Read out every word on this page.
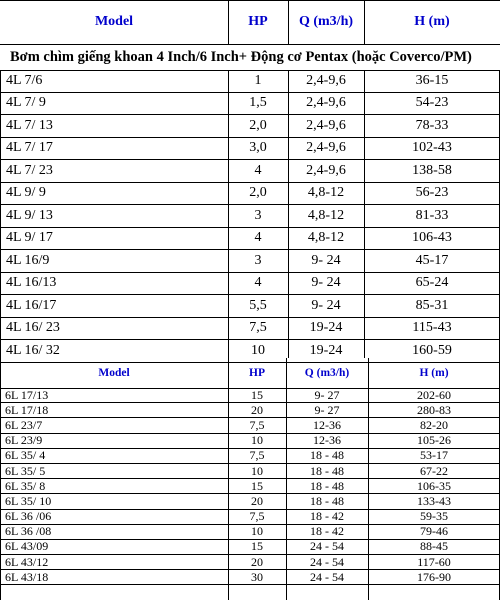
Model	HP	Q (m3/h)	H (m)
Bơm chìm giếng khoan 4 Inch/6 Inch+ Động cơ Pentax (hoặc Coverco/PM)
4L 7/6	1	2,4-9,6	36-15
4L 7/ 9	1,5	2,4-9,6	54-23
4L 7/ 13	2,0	2,4-9,6	78-33
4L 7/ 17	3,0	2,4-9,6	102-43
4L 7/ 23	4	2,4-9,6	138-58
4L 9/ 9	2,0	4,8-12	56-23
4L 9/ 13	3	4,8-12	81-33
4L 9/ 17	4	4,8-12	106-43
4L 16/9	3	9- 24	45-17
4L 16/13	4	9- 24	65-24
4L 16/17	5,5	9- 24	85-31
4L 16/ 23	7,5	19-24	115-43
4L 16/ 32	10	19-24	160-59
Model	HP	Q (m3/h)	H (m)
6L 17/13	15	9- 27	202-60
6L 17/18	20	9- 27	280-83
6L 23/7	7,5	12-36	82-20
6L 23/9	10	12-36	105-26
6L 35/ 4	7,5	18 - 48	53-17
6L 35/ 5	10	18 - 48	67-22
6L 35/ 8	15	18 - 48	106-35
6L 35/ 10	20	18 - 48	133-43
6L 36 /06	7,5	18 - 42	59-35
6L 36 /08	10	18 - 42	79-46
6L 43/09	15	24 - 54	88-45
6L 43/12	20	24 - 54	117-60
6L 43/18	30	24 - 54	176-90
